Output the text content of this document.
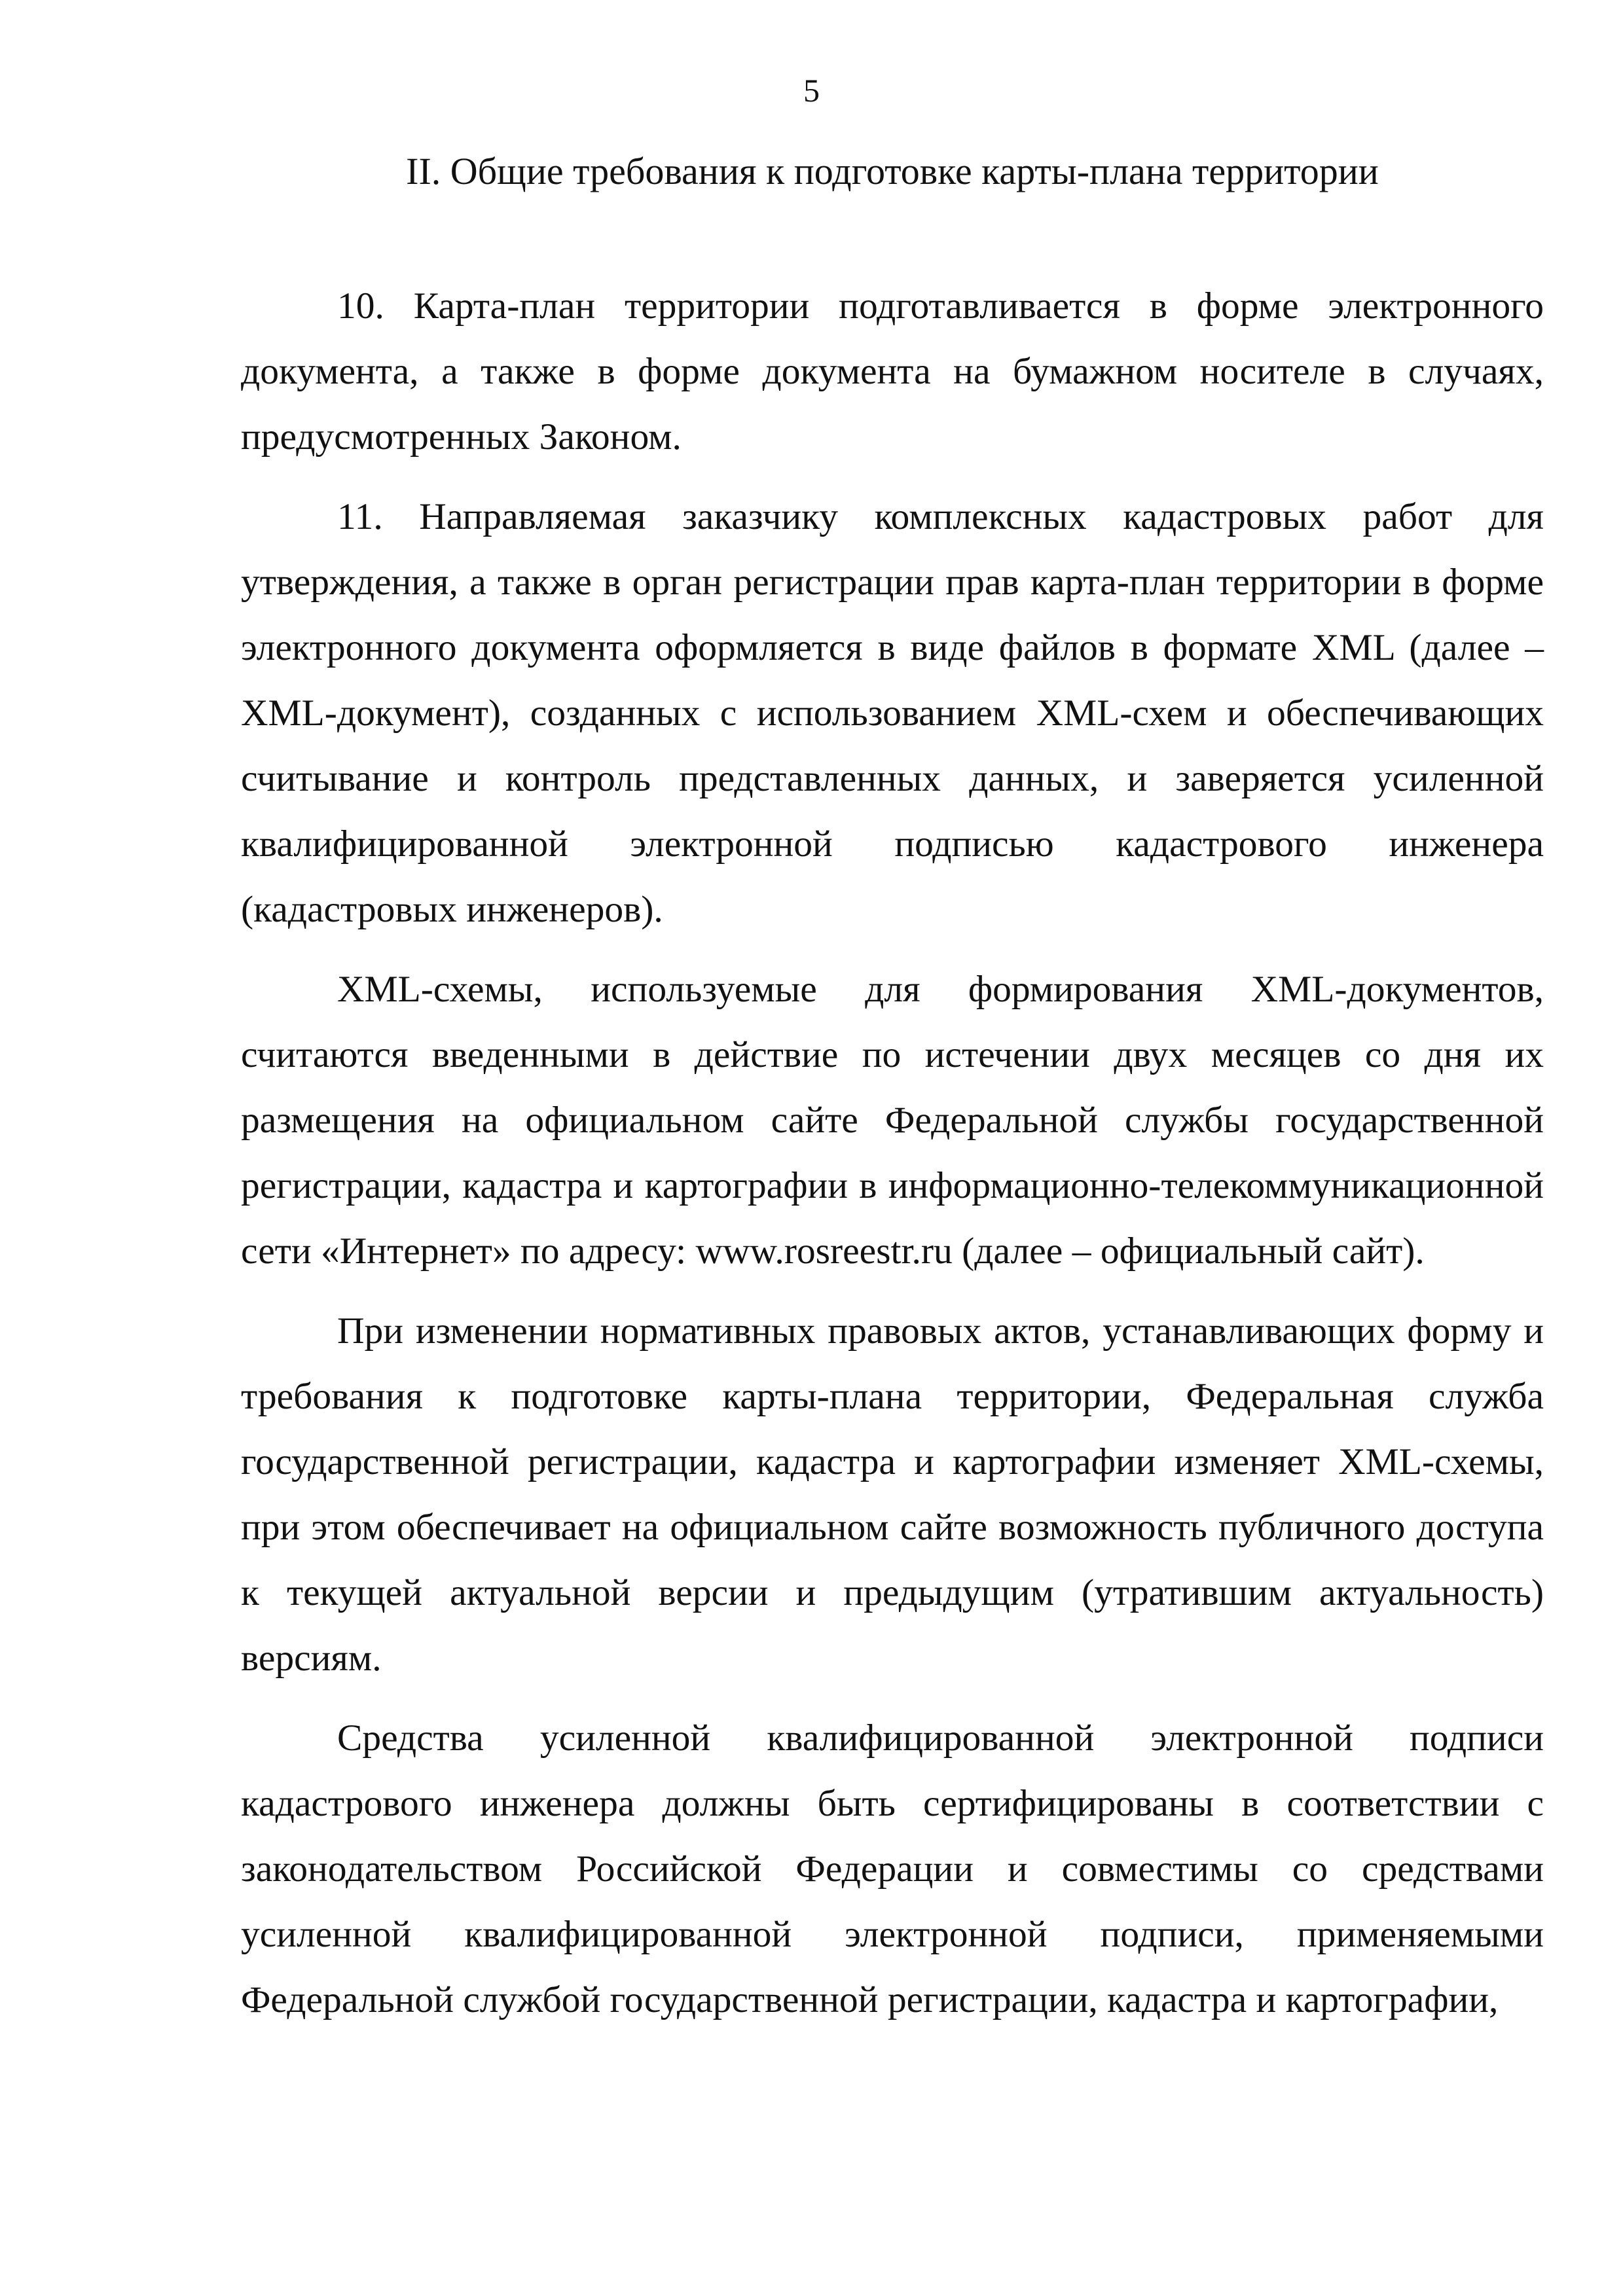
5
II. Общие требования к подготовке карты-плана территории

10. Карта-план территории подготавливается в форме электронного документа, а также в форме документа на бумажном носителе в случаях, предусмотренных Законом.

11. Направляемая заказчику комплексных кадастровых работ для утверждения, а также в орган регистрации прав карта-план территории в форме электронного документа оформляется в виде файлов в формате XML (далее – XML-документ), созданных с использованием XML-схем и обеспечивающих считывание и контроль представленных данных, и заверяется усиленной квалифицированной электронной подписью кадастрового инженера (кадастровых инженеров).

XML-схемы, используемые для формирования XML-документов, считаются введенными в действие по истечении двух месяцев со дня их размещения на официальном сайте Федеральной службы государственной регистрации, кадастра и картографии в информационно-телекоммуникационной сети «Интернет» по адресу: www.rosreestr.ru (далее – официальный сайт).

При изменении нормативных правовых актов, устанавливающих форму и требования к подготовке карты-плана территории, Федеральная служба государственной регистрации, кадастра и картографии изменяет XML-схемы, при этом обеспечивает на официальном сайте возможность публичного доступа к текущей актуальной версии и предыдущим (утратившим актуальность) версиям.

Средства усиленной квалифицированной электронной подписи кадастрового инженера должны быть сертифицированы в соответствии с законодательством Российской Федерации и совместимы со средствами усиленной квалифицированной электронной подписи, применяемыми Федеральной службой государственной регистрации, кадастра и картографии,
